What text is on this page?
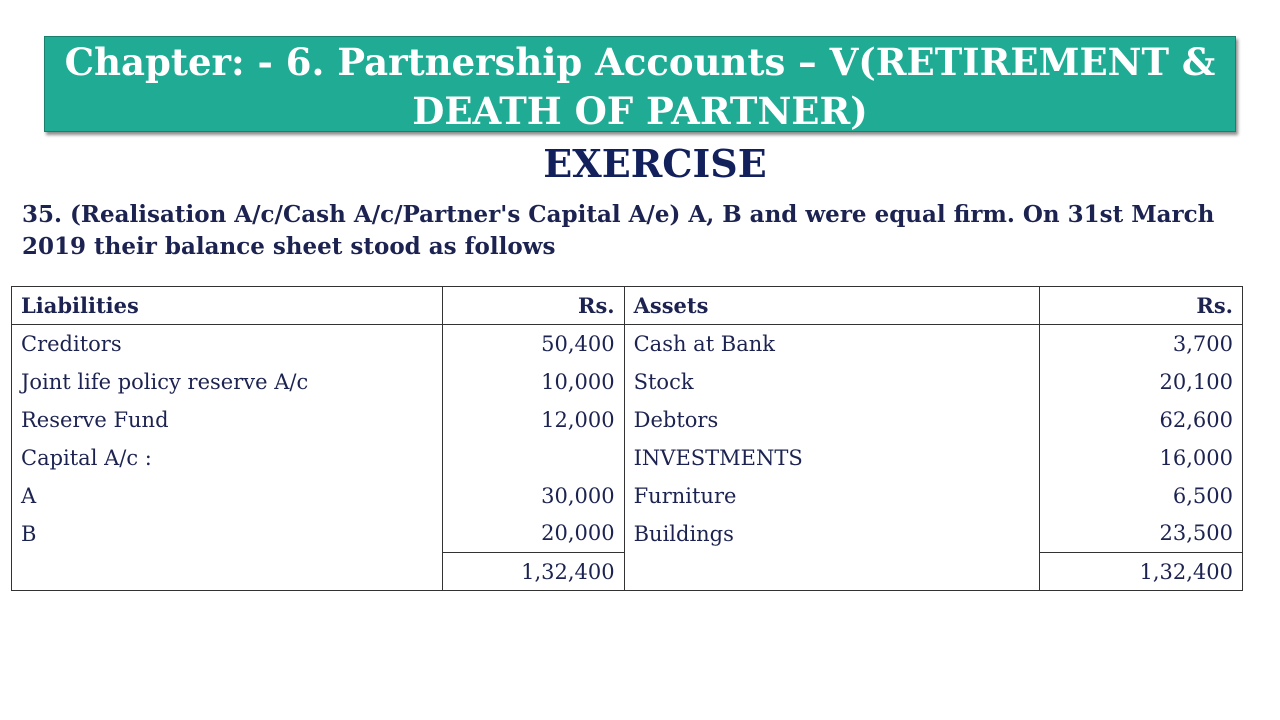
Chapter: - 6. Partnership Accounts – V(RETIREMENT &
DEATH OF PARTNER)
EXERCISE
35. (Realisation A/c/Cash A/c/Partner's Capital A/e) A, B and were equal firm. On 31st March
2019 their balance sheet stood as follows
Liabilities	Rs.	Assets	Rs.
Creditors	50,400	Cash at Bank	3,700
Joint life policy reserve A/c	10,000	Stock	20,100
Reserve Fund	12,000	Debtors	62,600
Capital A/c :		INVESTMENTS	16,000
A	30,000	Furniture	6,500
B	20,000	Buildings	23,500
	1,32,400		1,32,400
